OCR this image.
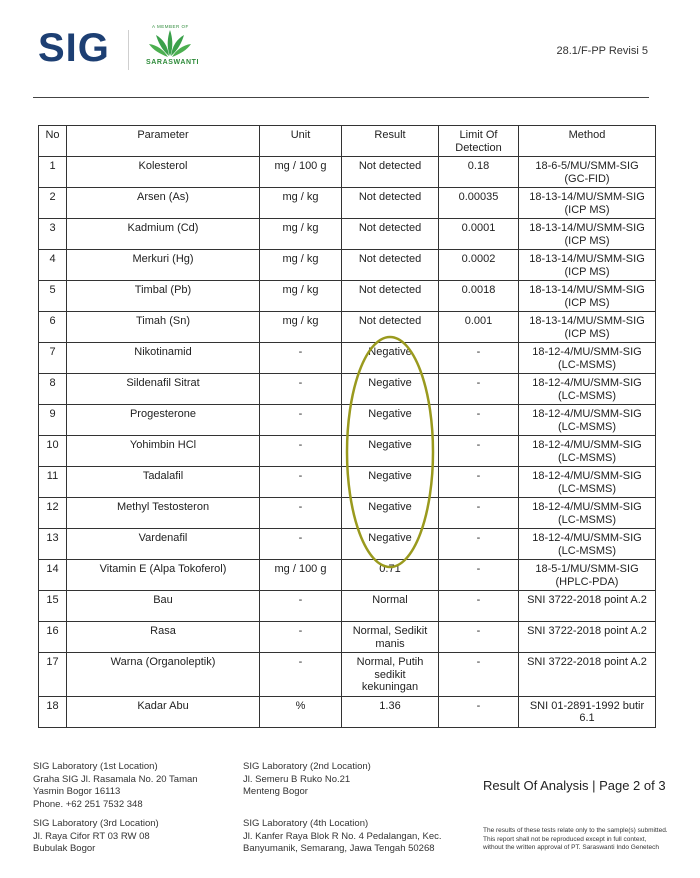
SIG	A MEMBER OF
SARASWANTI
28.1/F-PP Revisi 5
No	Parameter	Unit	Result	Limit Of Detection	Method
1	Kolesterol	mg / 100 g	Not detected	0.18	18-6-5/MU/SMM-SIG (GC-FID)
2	Arsen (As)	mg / kg	Not detected	0.00035	18-13-14/MU/SMM-SIG (ICP MS)
3	Kadmium (Cd)	mg / kg	Not detected	0.0001	18-13-14/MU/SMM-SIG (ICP MS)
4	Merkuri (Hg)	mg / kg	Not detected	0.0002	18-13-14/MU/SMM-SIG (ICP MS)
5	Timbal (Pb)	mg / kg	Not detected	0.0018	18-13-14/MU/SMM-SIG (ICP MS)
6	Timah (Sn)	mg / kg	Not detected	0.001	18-13-14/MU/SMM-SIG (ICP MS)
7	Nikotinamid	-	Negative	-	18-12-4/MU/SMM-SIG (LC-MSMS)
8	Sildenafil Sitrat	-	Negative	-	18-12-4/MU/SMM-SIG (LC-MSMS)
9	Progesterone	-	Negative	-	18-12-4/MU/SMM-SIG (LC-MSMS)
10	Yohimbin HCl	-	Negative	-	18-12-4/MU/SMM-SIG (LC-MSMS)
11	Tadalafil	-	Negative	-	18-12-4/MU/SMM-SIG (LC-MSMS)
12	Methyl Testosteron	-	Negative	-	18-12-4/MU/SMM-SIG (LC-MSMS)
13	Vardenafil	-	Negative	-	18-12-4/MU/SMM-SIG (LC-MSMS)
14	Vitamin E (Alpa Tokoferol)	mg / 100 g	0.71	-	18-5-1/MU/SMM-SIG (HPLC-PDA)
15	Bau	-	Normal	-	SNI 3722-2018 point A.2
16	Rasa	-	Normal, Sedikit manis	-	SNI 3722-2018 point A.2
17	Warna (Organoleptik)	-	Normal, Putih sedikit kekuningan	-	SNI 3722-2018 point A.2
18	Kadar Abu	%	1.36	-	SNI 01-2891-1992 butir 6.1
SIG Laboratory (1st Location)
Graha SIG Jl. Rasamala No. 20 Taman
Yasmin Bogor 16113
Phone. +62 251 7532 348
SIG Laboratory (2nd Location)
Jl. Semeru B Ruko No.21
Menteng Bogor
SIG Laboratory (3rd Location)
Jl. Raya Cifor RT 03 RW 08
Bubulak Bogor
SIG Laboratory (4th Location)
Jl. Kanfer Raya Blok R No. 4 Pedalangan, Kec.
Banyumanik, Semarang, Jawa Tengah 50268
Result Of Analysis | Page 2 of 3
The results of these tests relate only to the sample(s) submitted.
This report shall not be reproduced except in full context,
without the written approval of PT. Saraswanti Indo Genetech
